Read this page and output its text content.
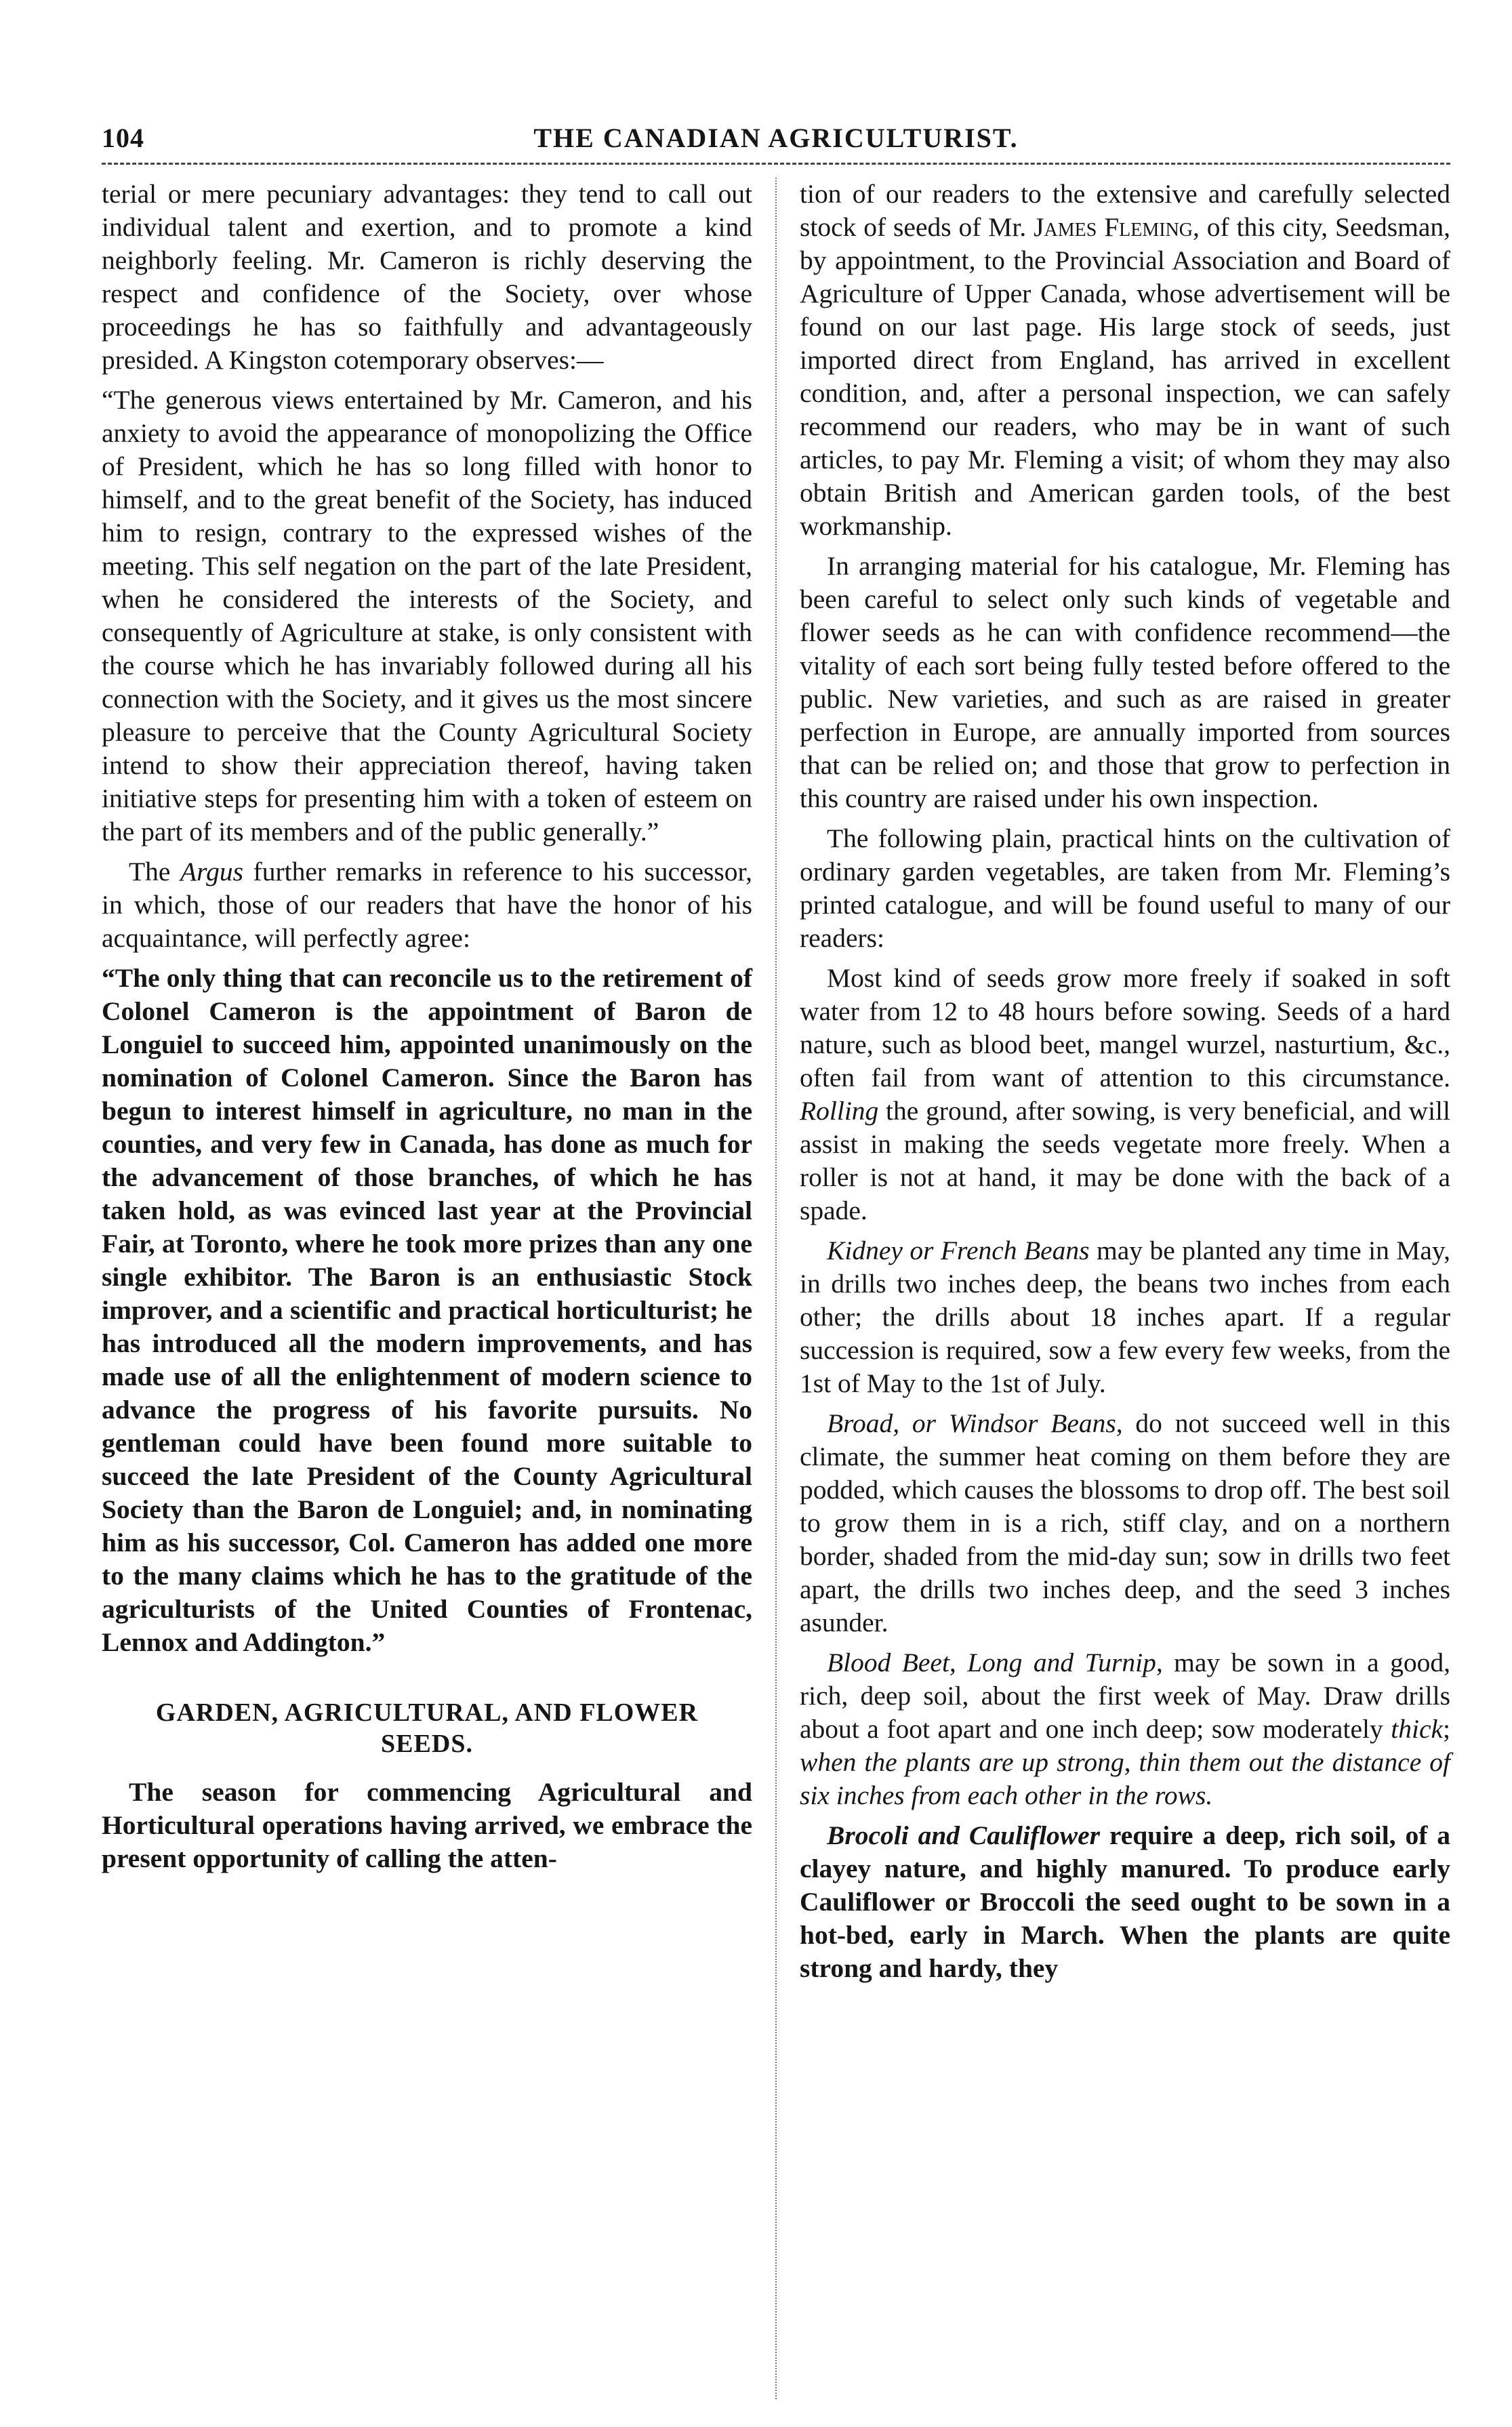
104	THE CANADIAN AGRICULTURIST.

terial or mere pecuniary advantages: they tend to call out individual talent and exertion, and to promote a kind neighborly feeling. Mr. Cameron is richly deserving the respect and confidence of the Society, over whose proceedings he has so faithfully and advantageously presided. A Kingston cotemporary observes:—

“The generous views entertained by Mr. Cameron, and his anxiety to avoid the appearance of monopolizing the Office of President, which he has so long filled with honor to himself, and to the great benefit of the Society, has induced him to resign, contrary to the expressed wishes of the meeting. This self negation on the part of the late President, when he considered the interests of the Society, and consequently of Agriculture at stake, is only consistent with the course which he has invariably followed during all his connection with the Society, and it gives us the most sincere pleasure to perceive that the County Agricultural Society intend to show their appreciation thereof, having taken initiative steps for presenting him with a token of esteem on the part of its members and of the public generally.”

The Argus further remarks in reference to his successor, in which, those of our readers that have the honor of his acquaintance, will perfectly agree:

“The only thing that can reconcile us to the retirement of Colonel Cameron is the appointment of Baron de Longuiel to succeed him, appointed unanimously on the nomination of Colonel Cameron. Since the Baron has begun to interest himself in agriculture, no man in the counties, and very few in Canada, has done as much for the advancement of those branches, of which he has taken hold, as was evinced last year at the Provincial Fair, at Toronto, where he took more prizes than any one single exhibitor. The Baron is an enthusiastic Stock improver, and a scientific and practical horticulturist; he has introduced all the modern improvements, and has made use of all the enlightenment of modern science to advance the progress of his favorite pursuits. No gentleman could have been found more suitable to succeed the late President of the County Agricultural Society than the Baron de Longuiel; and, in nominating him as his successor, Col. Cameron has added one more to the many claims which he has to the gratitude of the agriculturists of the United Counties of Frontenac, Lennox and Addington.”

GARDEN, AGRICULTURAL, AND FLOWER SEEDS.

The season for commencing Agricultural and Horticultural operations having arrived, we embrace the present opportunity of calling the atten-

tion of our readers to the extensive and carefully selected stock of seeds of Mr. James Fleming, of this city, Seedsman, by appointment, to the Provincial Association and Board of Agriculture of Upper Canada, whose advertisement will be found on our last page. His large stock of seeds, just imported direct from England, has arrived in excellent condition, and, after a personal inspection, we can safely recommend our readers, who may be in want of such articles, to pay Mr. Fleming a visit; of whom they may also obtain British and American garden tools, of the best workmanship.

In arranging material for his catalogue, Mr. Fleming has been careful to select only such kinds of vegetable and flower seeds as he can with confidence recommend—the vitality of each sort being fully tested before offered to the public. New varieties, and such as are raised in greater perfection in Europe, are annually imported from sources that can be relied on; and those that grow to perfection in this country are raised under his own inspection.

The following plain, practical hints on the cultivation of ordinary garden vegetables, are taken from Mr. Fleming’s printed catalogue, and will be found useful to many of our readers:

Most kind of seeds grow more freely if soaked in soft water from 12 to 48 hours before sowing. Seeds of a hard nature, such as blood beet, mangel wurzel, nasturtium, &c., often fail from want of attention to this circumstance. Rolling the ground, after sowing, is very beneficial, and will assist in making the seeds vegetate more freely. When a roller is not at hand, it may be done with the back of a spade.

Kidney or French Beans may be planted any time in May, in drills two inches deep, the beans two inches from each other; the drills about 18 inches apart. If a regular succession is required, sow a few every few weeks, from the 1st of May to the 1st of July.

Broad, or Windsor Beans, do not succeed well in this climate, the summer heat coming on them before they are podded, which causes the blossoms to drop off. The best soil to grow them in is a rich, stiff clay, and on a northern border, shaded from the mid-day sun; sow in drills two feet apart, the drills two inches deep, and the seed 3 inches asunder.

Blood Beet, Long and Turnip, may be sown in a good, rich, deep soil, about the first week of May. Draw drills about a foot apart and one inch deep; sow moderately thick; when the plants are up strong, thin them out the distance of six inches from each other in the rows.

Brocoli and Cauliflower require a deep, rich soil, of a clayey nature, and highly manured. To produce early Cauliflower or Broccoli the seed ought to be sown in a hot-bed, early in March. When the plants are quite strong and hardy, they
